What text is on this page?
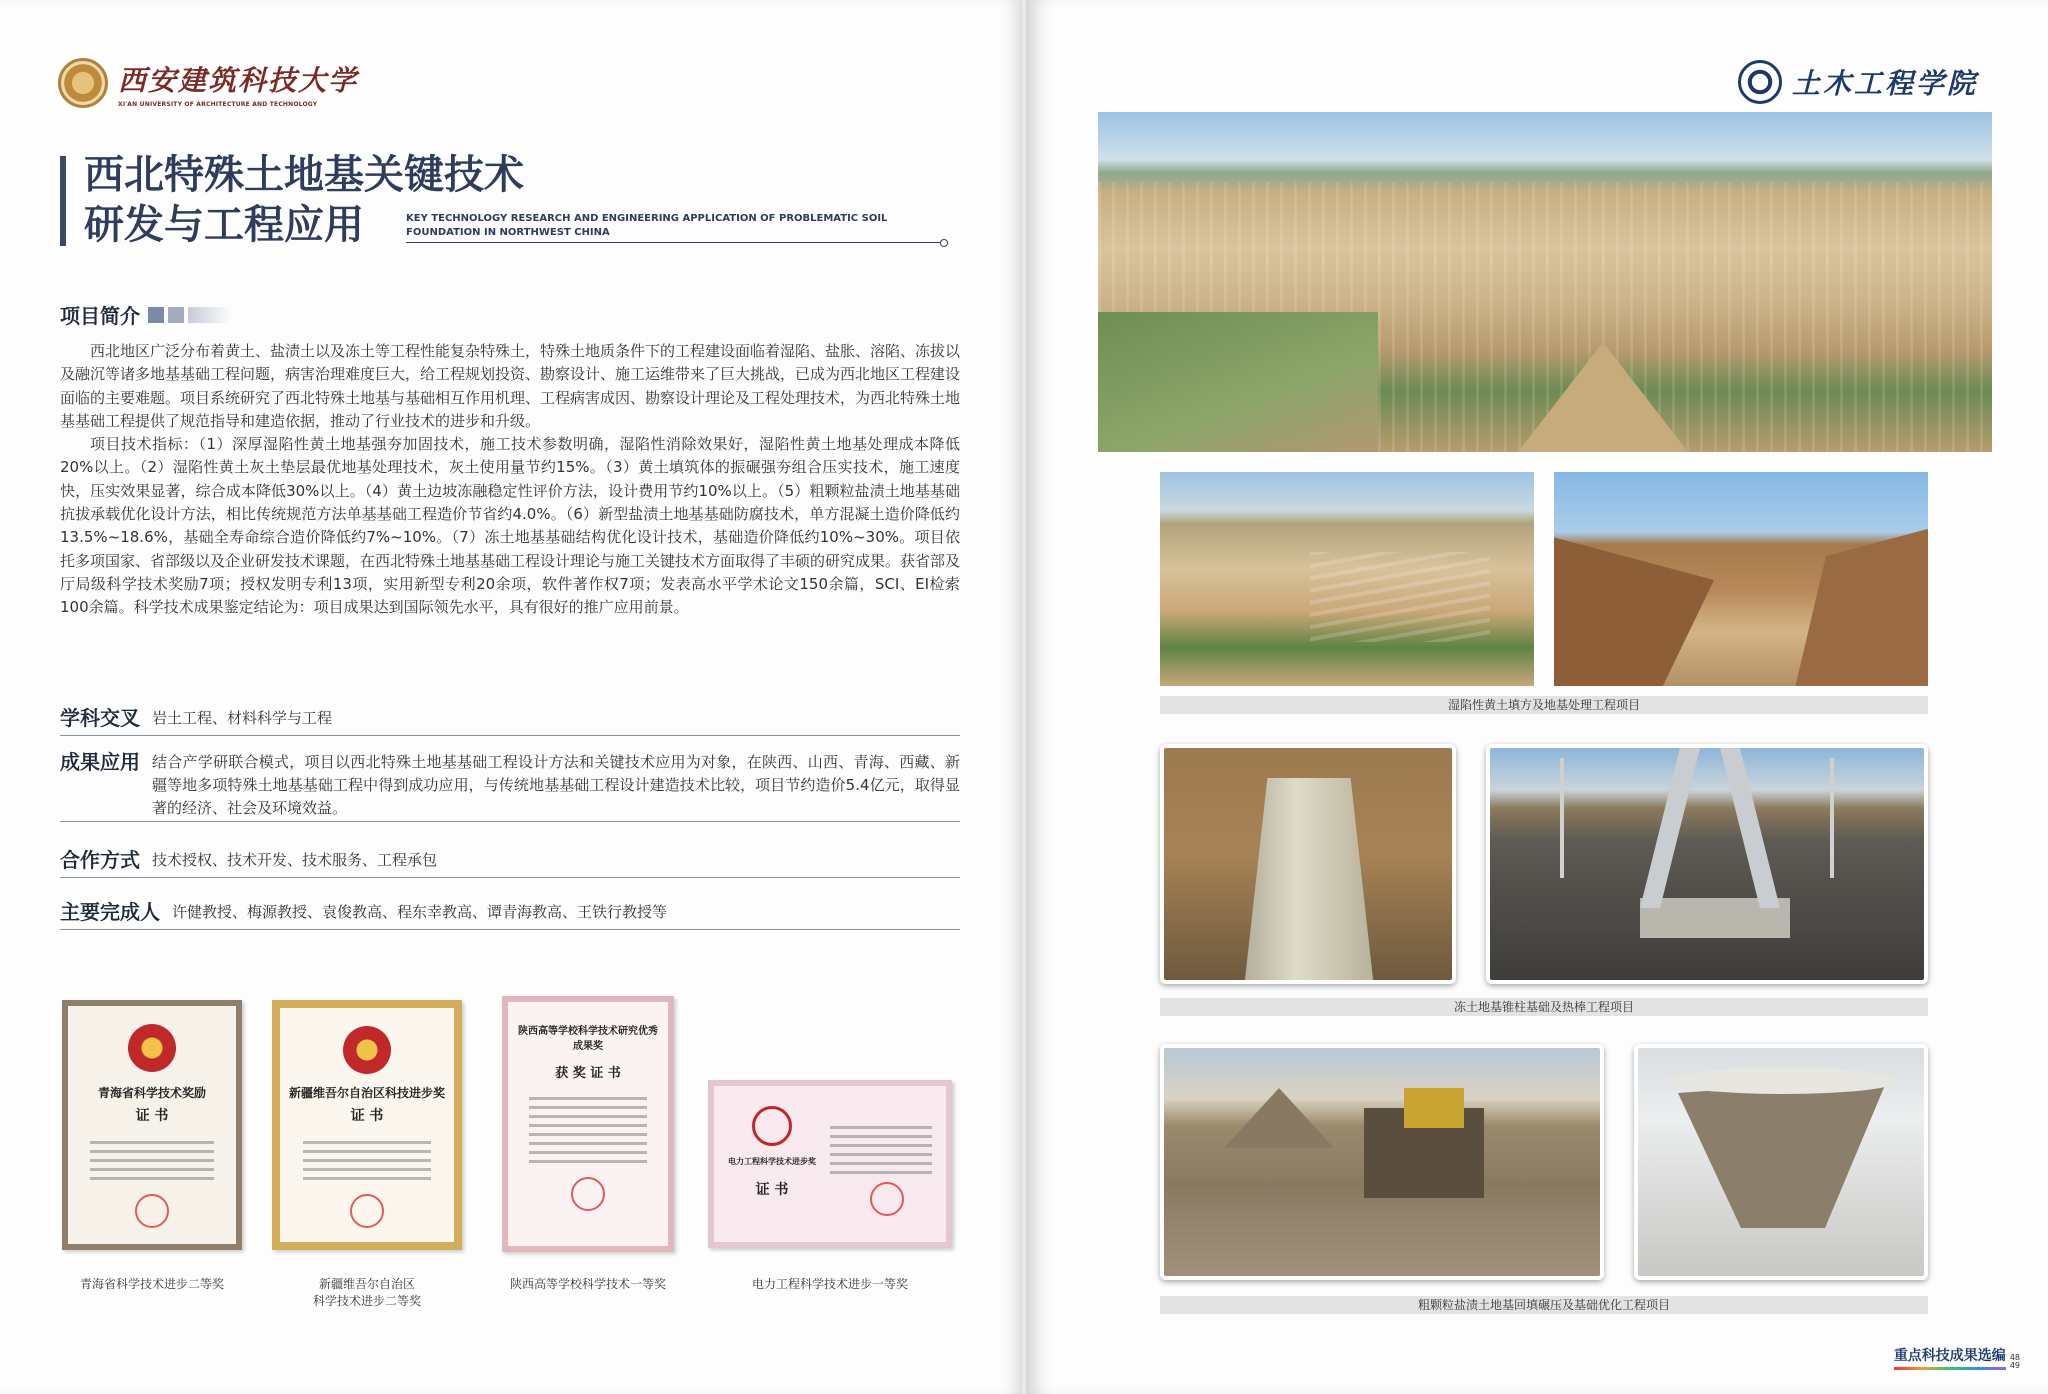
西安建筑科技大学
XI'AN UNIVERSITY OF ARCHITECTURE AND TECHNOLOGY
西北特殊土地基关键技术
研发与工程应用	KEY TECHNOLOGY RESEARCH AND ENGINEERING APPLICATION OF PROBLEMATIC SOIL
FOUNDATION IN NORTHWEST CHINA
项目简介

西北地区广泛分布着黄土、盐渍土以及冻土等工程性能复杂特殊土，特殊土地质条件下的工程建设面临着湿陷、盐胀、溶陷、冻拔以及融沉等诸多地基基础工程问题，病害治理难度巨大，给工程规划投资、勘察设计、施工运维带来了巨大挑战，已成为西北地区工程建设面临的主要难题。项目系统研究了西北特殊土地基与基础相互作用机理、工程病害成因、勘察设计理论及工程处理技术，为西北特殊土地基基础工程提供了规范指导和建造依据，推动了行业技术的进步和升级。

项目技术指标：（1）深厚湿陷性黄土地基强夯加固技术，施工技术参数明确，湿陷性消除效果好，湿陷性黄土地基处理成本降低20%以上。（2）湿陷性黄土灰土垫层最优地基处理技术，灰土使用量节约15%。（3）黄土填筑体的振碾强夯组合压实技术，施工速度快，压实效果显著，综合成本降低30%以上。（4）黄土边坡冻融稳定性评价方法，设计费用节约10%以上。（5）粗颗粒盐渍土地基基础抗拔承载优化设计方法，相比传统规范方法单基基础工程造价节省约4.0%。（6）新型盐渍土地基基础防腐技术，单方混凝土造价降低约13.5%~18.6%，基础全寿命综合造价降低约7%~10%。（7）冻土地基基础结构优化设计技术，基础造价降低约10%~30%。项目依托多项国家、省部级以及企业研发技术课题，在西北特殊土地基基础工程设计理论与施工关键技术方面取得了丰硕的研究成果。获省部及厅局级科学技术奖励7项；授权发明专利13项，实用新型专利20余项，软件著作权7项；发表高水平学术论文150余篇，SCI、EI检索100余篇。科学技术成果鉴定结论为：项目成果达到国际领先水平，具有很好的推广应用前景。

学科交叉 岩土工程、材料科学与工程
成果应用 结合产学研联合模式，项目以西北特殊土地基基础工程设计方法和关键技术应用为对象，在陕西、山西、青海、西藏、新疆等地多项特殊土地基基础工程中得到成功应用，与传统地基基础工程设计建造技术比较，项目节约造价5.4亿元，取得显著的经济、社会及环境效益。
合作方式 技术授权、技术开发、技术服务、工程承包
主要完成人 许健教授、梅源教授、袁俊教高、程东幸教高、谭青海教高、王铁行教授等
青海省科学技术奖励
证 书
青海省科学技术进步二等奖
新疆维吾尔自治区科技进步奖
证 书
新疆维吾尔自治区
科学技术进步二等奖
陕西高等学校科学技术研究优秀成果奖
获 奖 证 书
陕西高等学校科学技术一等奖
电力工程科学技术进步奖
证 书
电力工程科学技术进步一等奖
土木工程学院
湿陷性黄土填方及地基处理工程项目
冻土地基锥柱基础及热棒工程项目
粗颗粒盐渍土地基回填碾压及基础优化工程项目
重点科技成果选编 48
49
